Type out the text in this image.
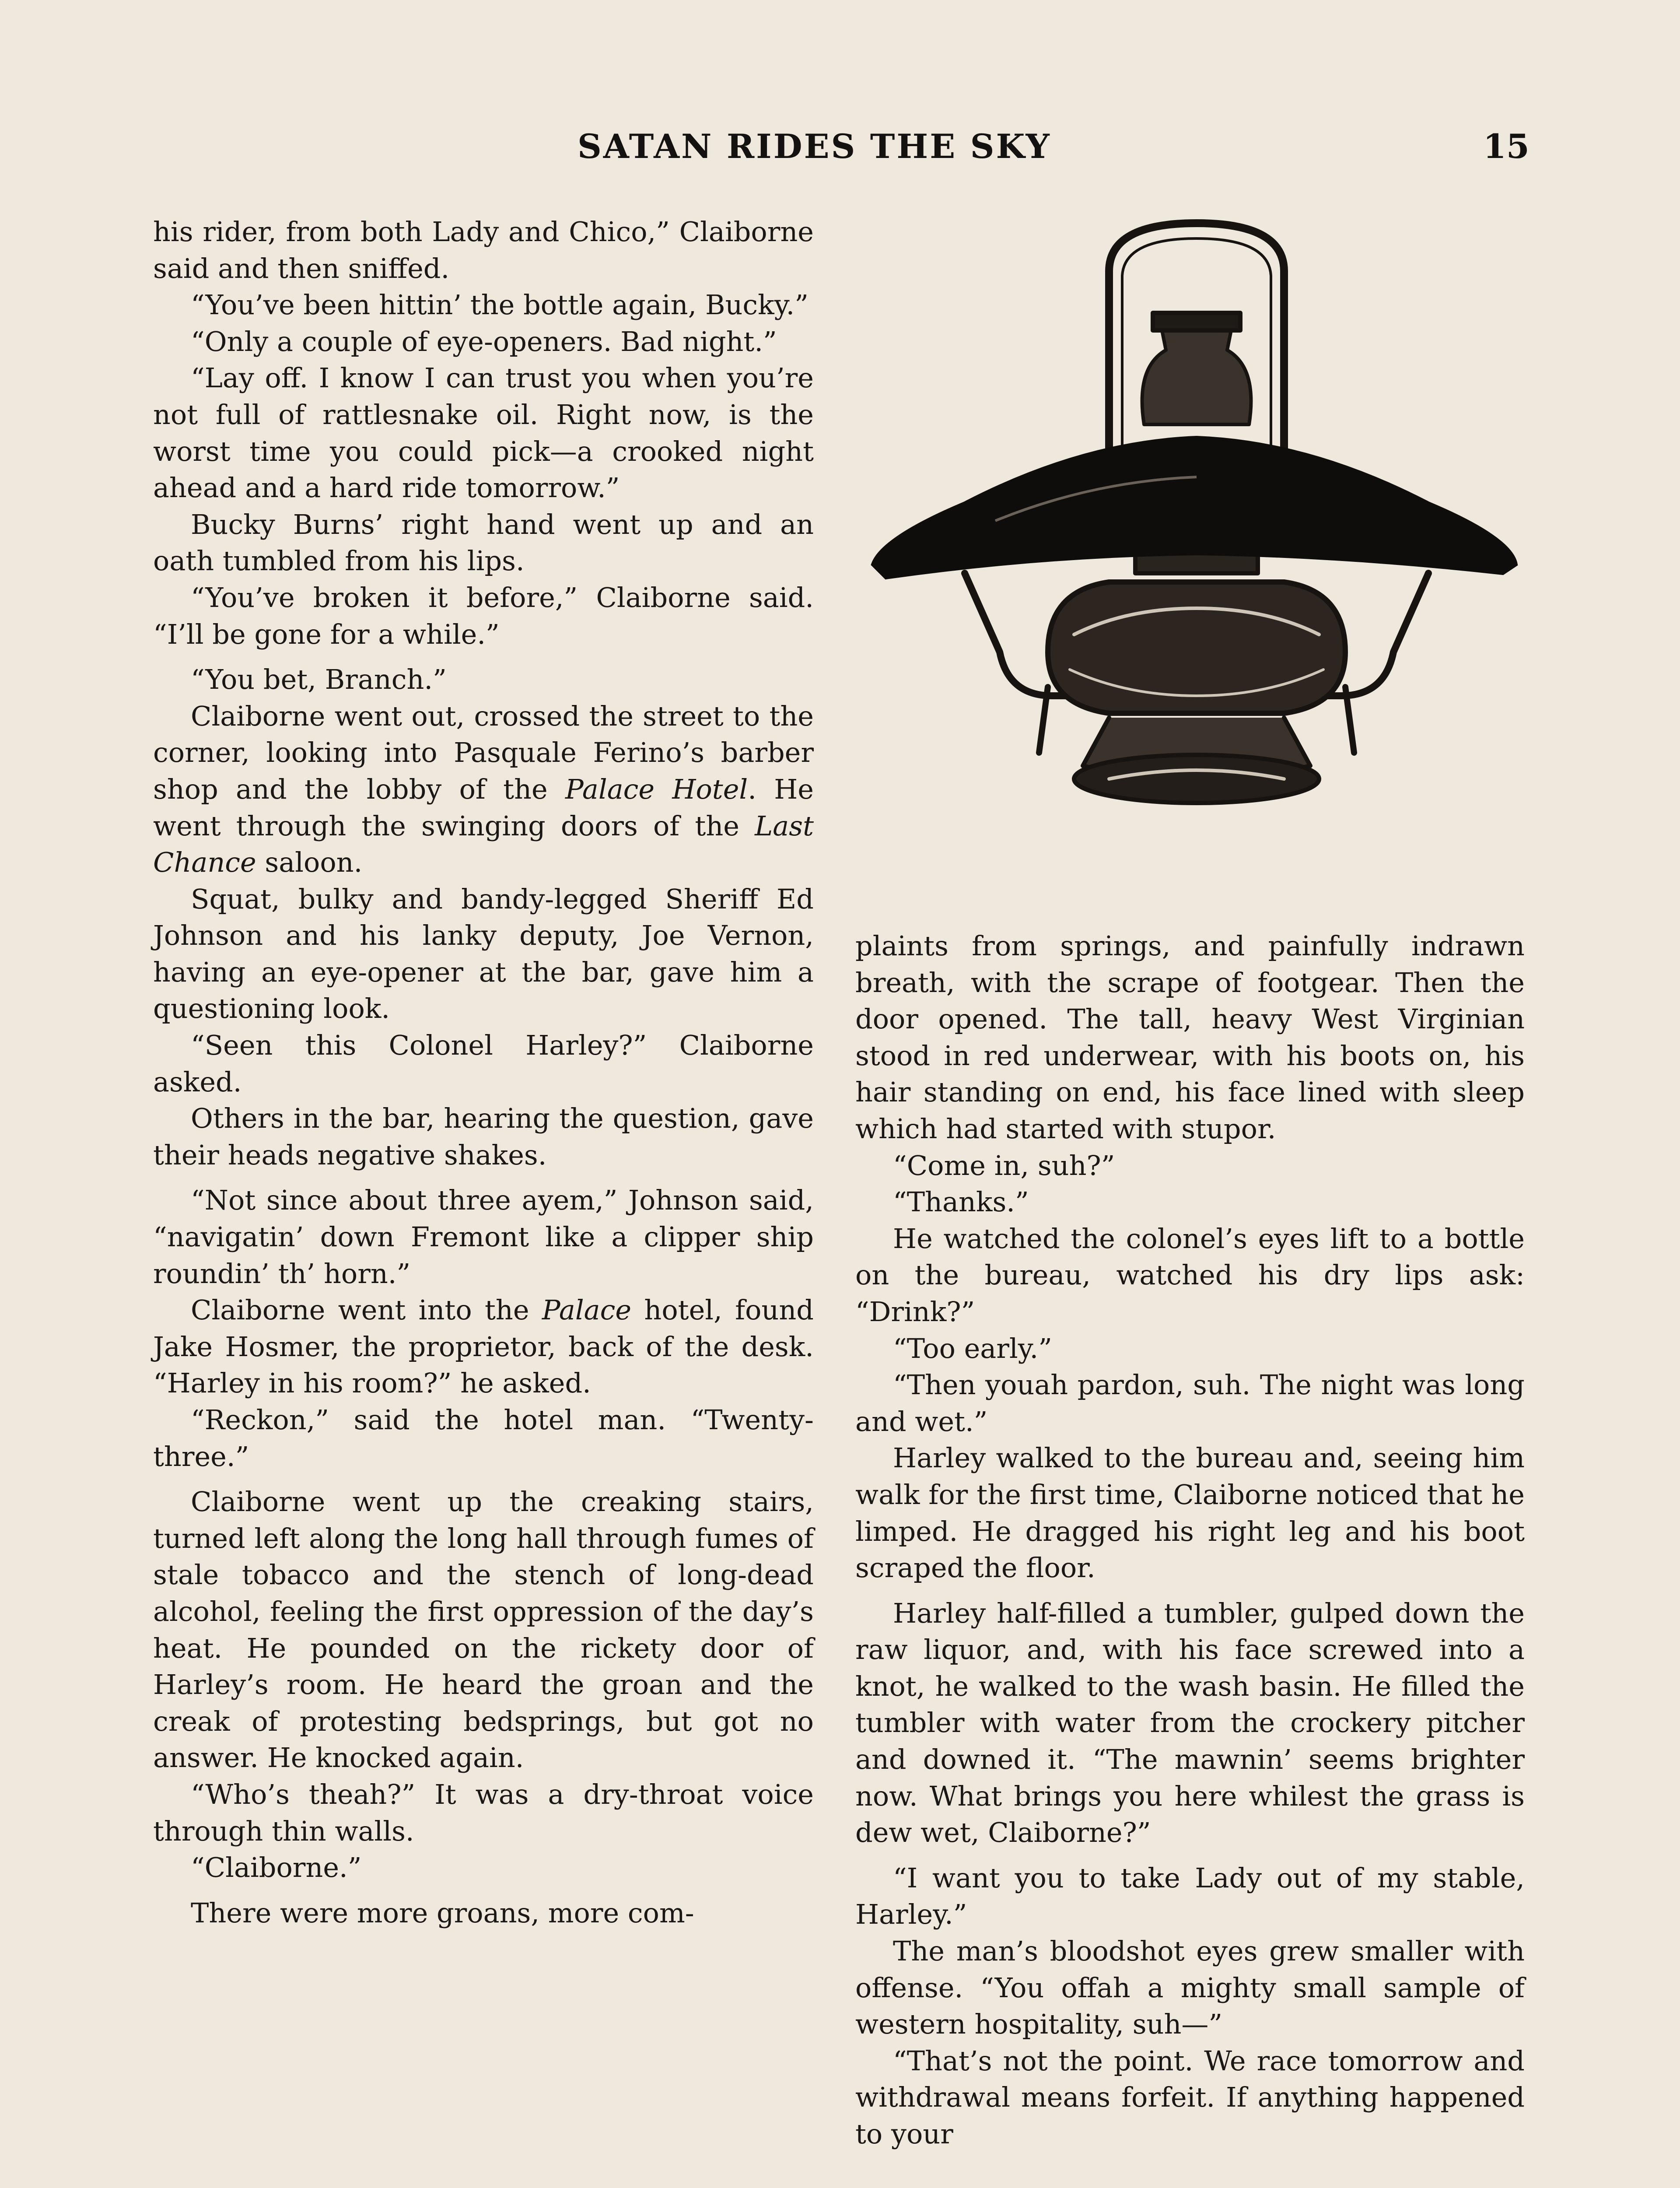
SATAN RIDES THE SKY	15

his rider, from both Lady and Chico,” Claiborne said and then sniffed.

“You’ve been hittin’ the bottle again, Bucky.”

“Only a couple of eye-openers. Bad night.”

“Lay off. I know I can trust you when you’re not full of rattlesnake oil. Right now, is the worst time you could pick—a crooked night ahead and a hard ride tomorrow.”

Bucky Burns’ right hand went up and an oath tumbled from his lips.

“You’ve broken it before,” Claiborne said. “I’ll be gone for a while.”

“You bet, Branch.”

Claiborne went out, crossed the street to the corner, looking into Pasquale Ferino’s barber shop and the lobby of the Palace Hotel. He went through the swinging doors of the Last Chance saloon.

Squat, bulky and bandy-legged Sheriff Ed Johnson and his lanky deputy, Joe Vernon, having an eye-opener at the bar, gave him a questioning look.

“Seen this Colonel Harley?” Claiborne asked.

Others in the bar, hearing the question, gave their heads negative shakes.

“Not since about three ayem,” Johnson said, “navigatin’ down Fremont like a clipper ship roundin’ th’ horn.”

Claiborne went into the Palace hotel, found Jake Hosmer, the proprietor, back of the desk. “Harley in his room?” he asked.

“Reckon,” said the hotel man. “Twenty-three.”

Claiborne went up the creaking stairs, turned left along the long hall through fumes of stale tobacco and the stench of long-dead alcohol, feeling the first oppression of the day’s heat. He pounded on the rickety door of Harley’s room. He heard the groan and the creak of protesting bedsprings, but got no answer. He knocked again.

“Who’s theah?” It was a dry-throat voice through thin walls.

“Claiborne.”

There were more groans, more com-

plaints from springs, and painfully indrawn breath, with the scrape of footgear. Then the door opened. The tall, heavy West Virginian stood in red underwear, with his boots on, his hair standing on end, his face lined with sleep which had started with stupor.

“Come in, suh?”

“Thanks.”

He watched the colonel’s eyes lift to a bottle on the bureau, watched his dry lips ask: “Drink?”

“Too early.”

“Then youah pardon, suh. The night was long and wet.”

Harley walked to the bureau and, seeing him walk for the first time, Claiborne noticed that he limped. He dragged his right leg and his boot scraped the floor.

Harley half-filled a tumbler, gulped down the raw liquor, and, with his face screwed into a knot, he walked to the wash basin. He filled the tumbler with water from the crockery pitcher and downed it. “The mawnin’ seems brighter now. What brings you here whilest the grass is dew wet, Claiborne?”

“I want you to take Lady out of my stable, Harley.”

The man’s bloodshot eyes grew smaller with offense. “You offah a mighty small sample of western hospitality, suh—”

“That’s not the point. We race tomorrow and withdrawal means forfeit. If anything happened to your
